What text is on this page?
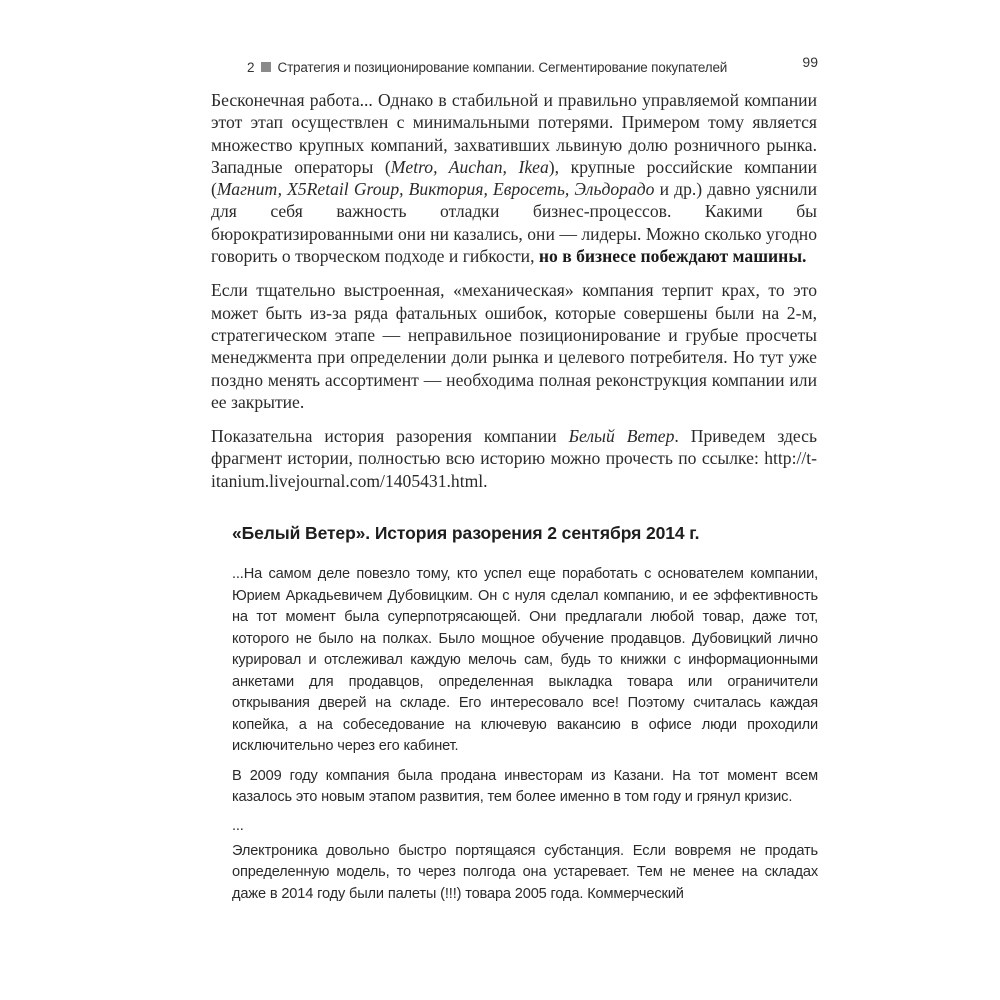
2 Стратегия и позиционирование компании. Сегментирование покупателей	99

Бесконечная работа... Однако в стабильной и правильно управляемой компании этот этап осуществлен с минимальными потерями. Примером тому является множество крупных компаний, захвативших львиную долю розничного рынка. Западные операторы (Metro, Auchan, Ikea), крупные российские компании (Магнит, X5Retail Group, Виктория, Евросеть, Эльдорадо и др.) давно уяснили для себя важность отладки бизнес-процессов. Какими бы бюрократизированными они ни казались, они — лидеры. Можно сколько угодно говорить о творческом подходе и гибкости, но в бизнесе побеждают машины.

Если тщательно выстроенная, «механическая» компания терпит крах, то это может быть из-за ряда фатальных ошибок, которые совершены были на 2-м, стратегическом этапе — неправильное позиционирование и грубые просчеты менеджмента при определении доли рынка и целевого потребителя. Но тут уже поздно менять ассортимент — необходима полная реконструкция компании или ее закрытие.

Показательна история разорения компании Белый Ветер. Приведем здесь фрагмент истории, полностью всю историю можно прочесть по ссылке: http://t-itanium.livejournal.com/1405431.html.

«Белый Ветер». История разорения 2 сентября 2014 г.

...На самом деле повезло тому, кто успел еще поработать с основателем компании, Юрием Аркадьевичем Дубовицким. Он с нуля сделал компанию, и ее эффективность на тот момент была суперпотрясающей. Они предлагали любой товар, даже тот, которого не было на полках. Было мощное обучение продавцов. Дубовицкий лично курировал и отслеживал каждую мелочь сам, будь то книжки с информационными анкетами для продавцов, определенная выкладка товара или ограничители открывания дверей на складе. Его интересовало все! Поэтому считалась каждая копейка, а на собеседование на ключевую вакансию в офисе люди проходили исключительно через его кабинет.

В 2009 году компания была продана инвесторам из Казани. На тот момент всем казалось это новым этапом развития, тем более именно в том году и грянул кризис.

...

Электроника довольно быстро портящаяся субстанция. Если вовремя не продать определенную модель, то через полгода она устаревает. Тем не менее на складах даже в 2014 году были палеты (!!!) товара 2005 года. Коммерческий
